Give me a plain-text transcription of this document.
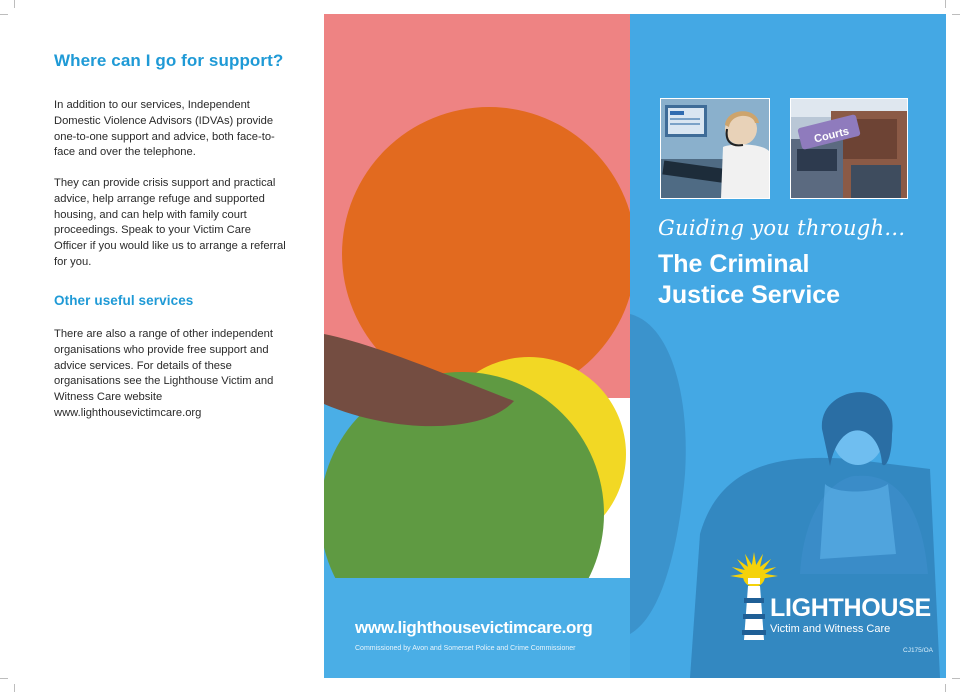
Where can I go for support?

In addition to our services, Independent Domestic Violence Advisors (IDVAs) provide one-to-one support and advice, both face-to-face and over the telephone.

They can provide crisis support and practical advice, help arrange refuge and supported housing, and can help with family court proceedings. Speak to your Victim Care Officer if you would like us to arrange a referral for you.

Other useful services

There are also a range of other independent organisations who provide free support and advice services. For details of these organisations see the Lighthouse Victim and Witness Care website www.lighthousevictimcare.org

www.lighthousevictimcare.org

Commissioned by Avon and Somerset Police and Crime Commissioner

Courts

Guiding you through...

The Criminal
Justice Service

LIGHTHOUSE

Victim and Witness Care

CJ175/OA
